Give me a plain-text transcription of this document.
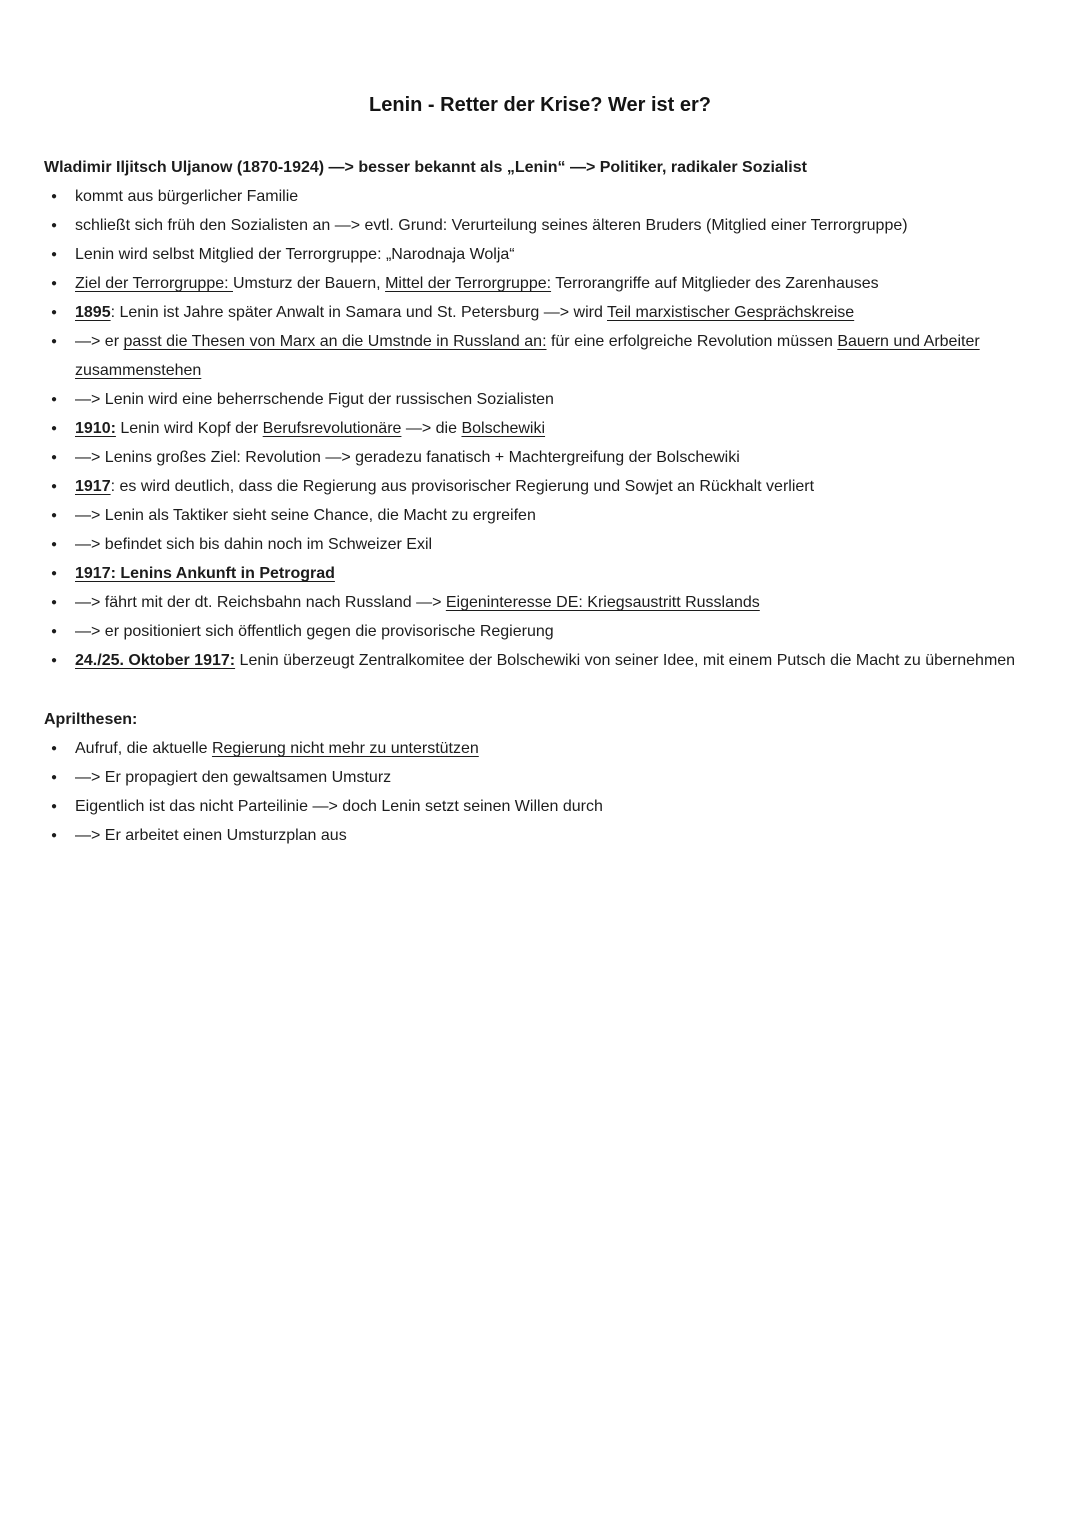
Lenin - Retter der Krise? Wer ist er?

Wladimir Iljitsch Uljanow (1870-1924) —> besser bekannt als „Lenin“ —> Politiker, radikaler Sozialist

● kommt aus bürgerlicher Familie
● schließt sich früh den Sozialisten an —> evtl. Grund: Verurteilung seines älteren Bruders (Mitglied einer Terrorgruppe)
● Lenin wird selbst Mitglied der Terrorgruppe: „Narodnaja Wolja“
● Ziel der Terrorgruppe: Umsturz der Bauern, Mittel der Terrorgruppe: Terrorangriffe auf Mitglieder des Zarenhauses
● 1895: Lenin ist Jahre später Anwalt in Samara und St. Petersburg —> wird Teil marxistischer Gesprächskreise
● —> er passt die Thesen von Marx an die Umstnde in Russland an: für eine erfolgreiche Revolution müssen Bauern und Arbeiter zusammenstehen
● —> Lenin wird eine beherrschende Figut der russischen Sozialisten
● 1910: Lenin wird Kopf der Berufsrevolutionäre —> die Bolschewiki
● —> Lenins großes Ziel: Revolution —> geradezu fanatisch + Machtergreifung der Bolschewiki
● 1917: es wird deutlich, dass die Regierung aus provisorischer Regierung und Sowjet an Rückhalt verliert
● —> Lenin als Taktiker sieht seine Chance, die Macht zu ergreifen
● —> befindet sich bis dahin noch im Schweizer Exil
● 1917: Lenins Ankunft in Petrograd
● —> fährt mit der dt. Reichsbahn nach Russland —> Eigeninteresse DE: Kriegsaustritt Russlands
● —> er positioniert sich öffentlich gegen die provisorische Regierung
● 24./25. Oktober 1917: Lenin überzeugt Zentralkomitee der Bolschewiki von seiner Idee, mit einem Putsch die Macht zu übernehmen

Aprilthesen:

● Aufruf, die aktuelle Regierung nicht mehr zu unterstützen
● —> Er propagiert den gewaltsamen Umsturz
● Eigentlich ist das nicht Parteilinie —> doch Lenin setzt seinen Willen durch
● —> Er arbeitet einen Umsturzplan aus
